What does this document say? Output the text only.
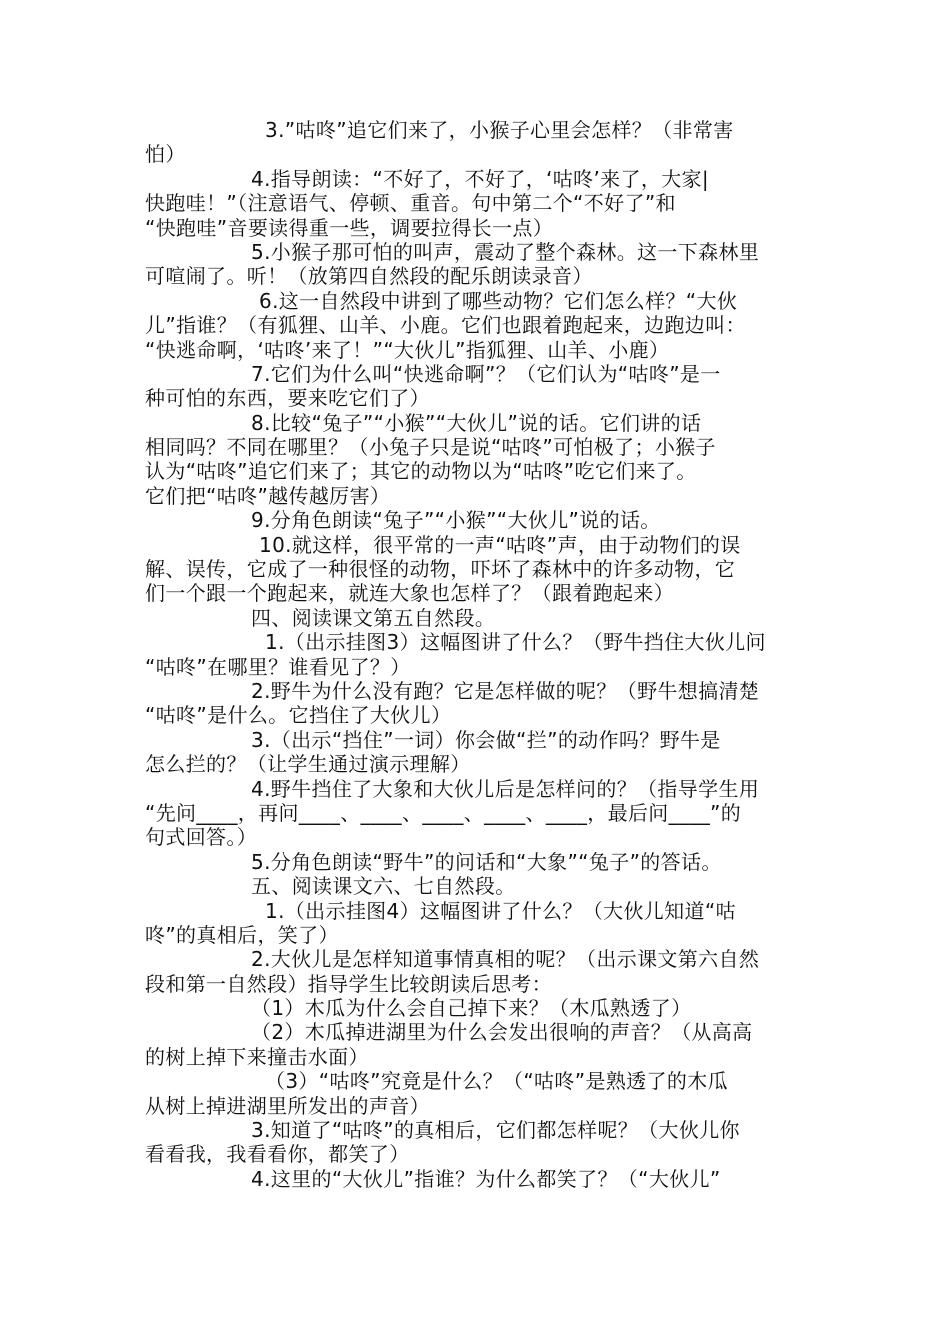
3.”咕咚”追它们来了，小猴子心里会怎样？（非常害
怕）
4.指导朗读：“不好了，不好了，‘咕咚’来了，大家|
快跑哇！”（注意语气、停顿、重音。句中第二个“不好了”和
“快跑哇”音要读得重一些，调要拉得长一点）
5.小猴子那可怕的叫声，震动了整个森林。这一下森林里
可喧闹了。听！（放第四自然段的配乐朗读录音）
6.这一自然段中讲到了哪些动物？它们怎么样？“大伙
儿”指谁？（有狐狸、山羊、小鹿。它们也跟着跑起来，边跑边叫：
“快逃命啊，‘咕咚’来了！”“大伙儿”指狐狸、山羊、小鹿）
7.它们为什么叫“快逃命啊”？（它们认为“咕咚”是一
种可怕的东西，要来吃它们了）
8.比较“兔子”“小猴”“大伙儿”说的话。它们讲的话
相同吗？不同在哪里？（小兔子只是说“咕咚”可怕极了；小猴子
认为“咕咚”追它们来了；其它的动物以为“咕咚”吃它们来了。
它们把“咕咚”越传越厉害）
9.分角色朗读“兔子”“小猴”“大伙儿”说的话。
10.就这样，很平常的一声“咕咚”声，由于动物们的误
解、误传，它成了一种很怪的动物，吓坏了森林中的许多动物，它
们一个跟一个跑起来，就连大象也怎样了？（跟着跑起来）
四、阅读课文第五自然段。
1.（出示挂图3）这幅图讲了什么？（野牛挡住大伙儿问
“咕咚”在哪里？谁看见了？）
2.野牛为什么没有跑？它是怎样做的呢？（野牛想搞清楚
“咕咚”是什么。它挡住了大伙儿）
3.（出示“挡住”一词）你会做“拦”的动作吗？野牛是
怎么拦的？（让学生通过演示理解）
4.野牛挡住了大象和大伙儿后是怎样问的？（指导学生用
“先问____，再问____、____、____、____、____，最后问____”的
句式回答。）
5.分角色朗读“野牛”的问话和“大象”“兔子”的答话。
五、阅读课文六、七自然段。
1.（出示挂图4）这幅图讲了什么？（大伙儿知道“咕
咚”的真相后，笑了）
2.大伙儿是怎样知道事情真相的呢？（出示课文第六自然
段和第一自然段）指导学生比较朗读后思考：
（1）木瓜为什么会自己掉下来？（木瓜熟透了）
（2）木瓜掉进湖里为什么会发出很响的声音？（从高高
的树上掉下来撞击水面）
（3）“咕咚”究竟是什么？（“咕咚”是熟透了的木瓜
从树上掉进湖里所发出的声音）
3.知道了“咕咚”的真相后，它们都怎样呢？（大伙儿你
看看我，我看看你，都笑了）
4.这里的“大伙儿”指谁？为什么都笑了？（“大伙儿”
